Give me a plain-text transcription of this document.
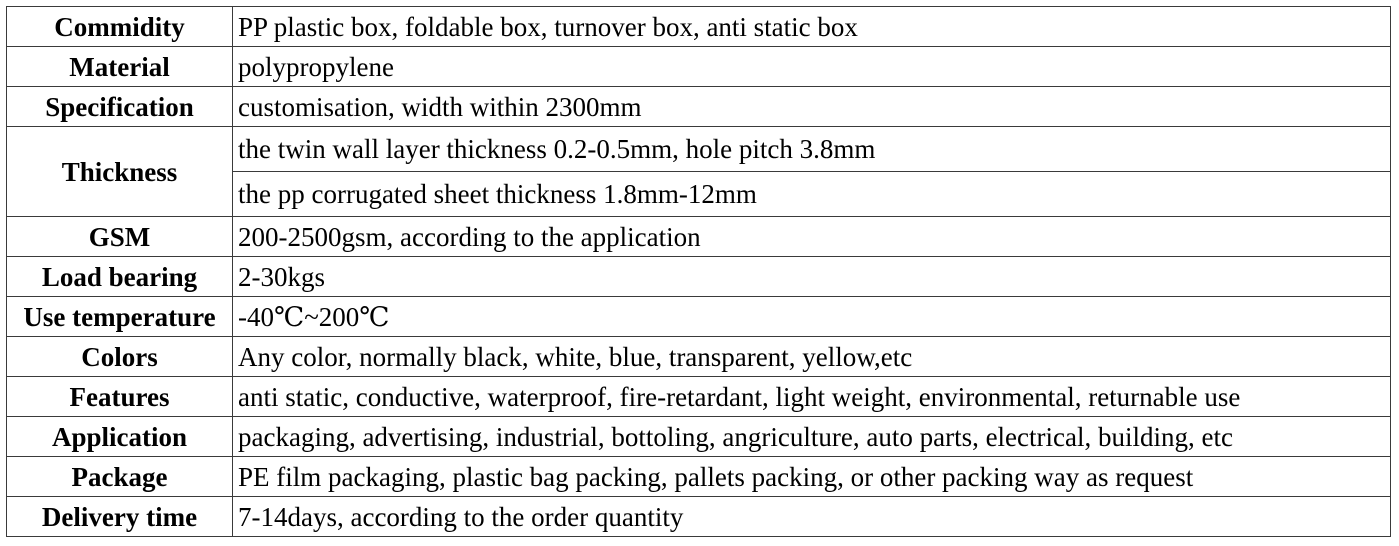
Commidity	PP plastic box, foldable box, turnover box, anti static box
Material	polypropylene
Specification	customisation, width within 2300mm
Thickness	the twin wall layer thickness 0.2-0.5mm, hole pitch 3.8mm
	the pp corrugated sheet thickness 1.8mm-12mm
GSM	200-2500gsm, according to the application
Load bearing	2-30kgs
Use temperature	-40℃~200℃
Colors	Any color, normally black, white, blue, transparent, yellow,etc
Features	anti static, conductive, waterproof, fire-retardant, light weight, environmental, returnable use
Application	packaging, advertising, industrial, bottoling, angriculture, auto parts, electrical, building, etc
Package	PE film packaging, plastic bag packing, pallets packing, or other packing way as request
Delivery time	7-14days, according to the order quantity
